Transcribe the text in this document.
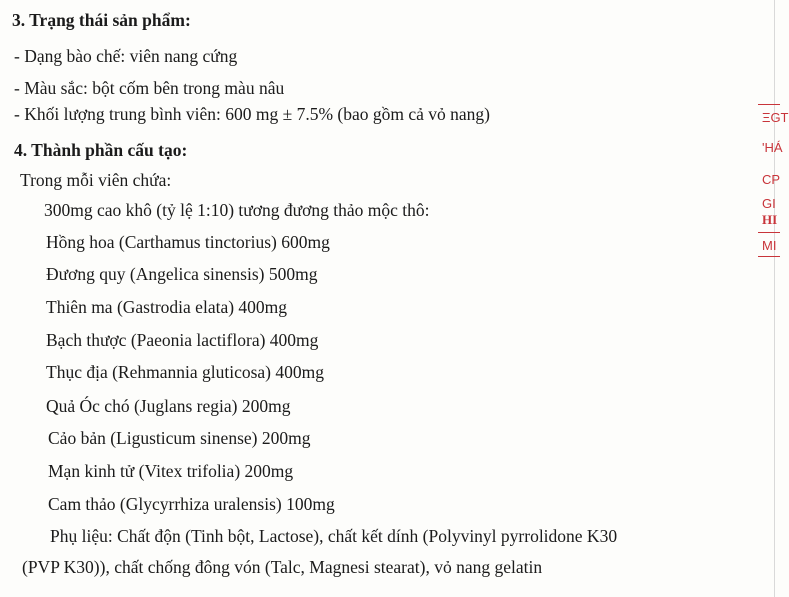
3. Trạng thái sản phẩm:
- Dạng bào chế: viên nang cứng
- Màu sắc: bột cốm bên trong màu nâu
- Khối lượng trung bình viên: 600 mg ± 7.5% (bao gồm cả vỏ nang)
4. Thành phần cấu tạo:
Trong mỗi viên chứa:
300mg cao khô (tỷ lệ 1:10) tương đương thảo mộc thô:
Hồng hoa (Carthamus tinctorius) 600mg
Đương quy (Angelica sinensis) 500mg
Thiên ma (Gastrodia elata) 400mg
Bạch thược (Paeonia lactiflora) 400mg
Thục địa (Rehmannia gluticosa) 400mg
Quả Óc chó (Juglans regia) 200mg
Cảo bản (Ligusticum sinense) 200mg
Mạn kinh tử (Vitex trifolia) 200mg
Cam thảo (Glycyrrhiza uralensis) 100mg
Phụ liệu: Chất độn (Tinh bột, Lactose), chất kết dính (Polyvinyl pyrrolidone K30
(PVP K30)), chất chống đông vón (Talc, Magnesi stearat), vỏ nang gelatin
ΞGT
'HÁ
CP
GI
HI
MI
